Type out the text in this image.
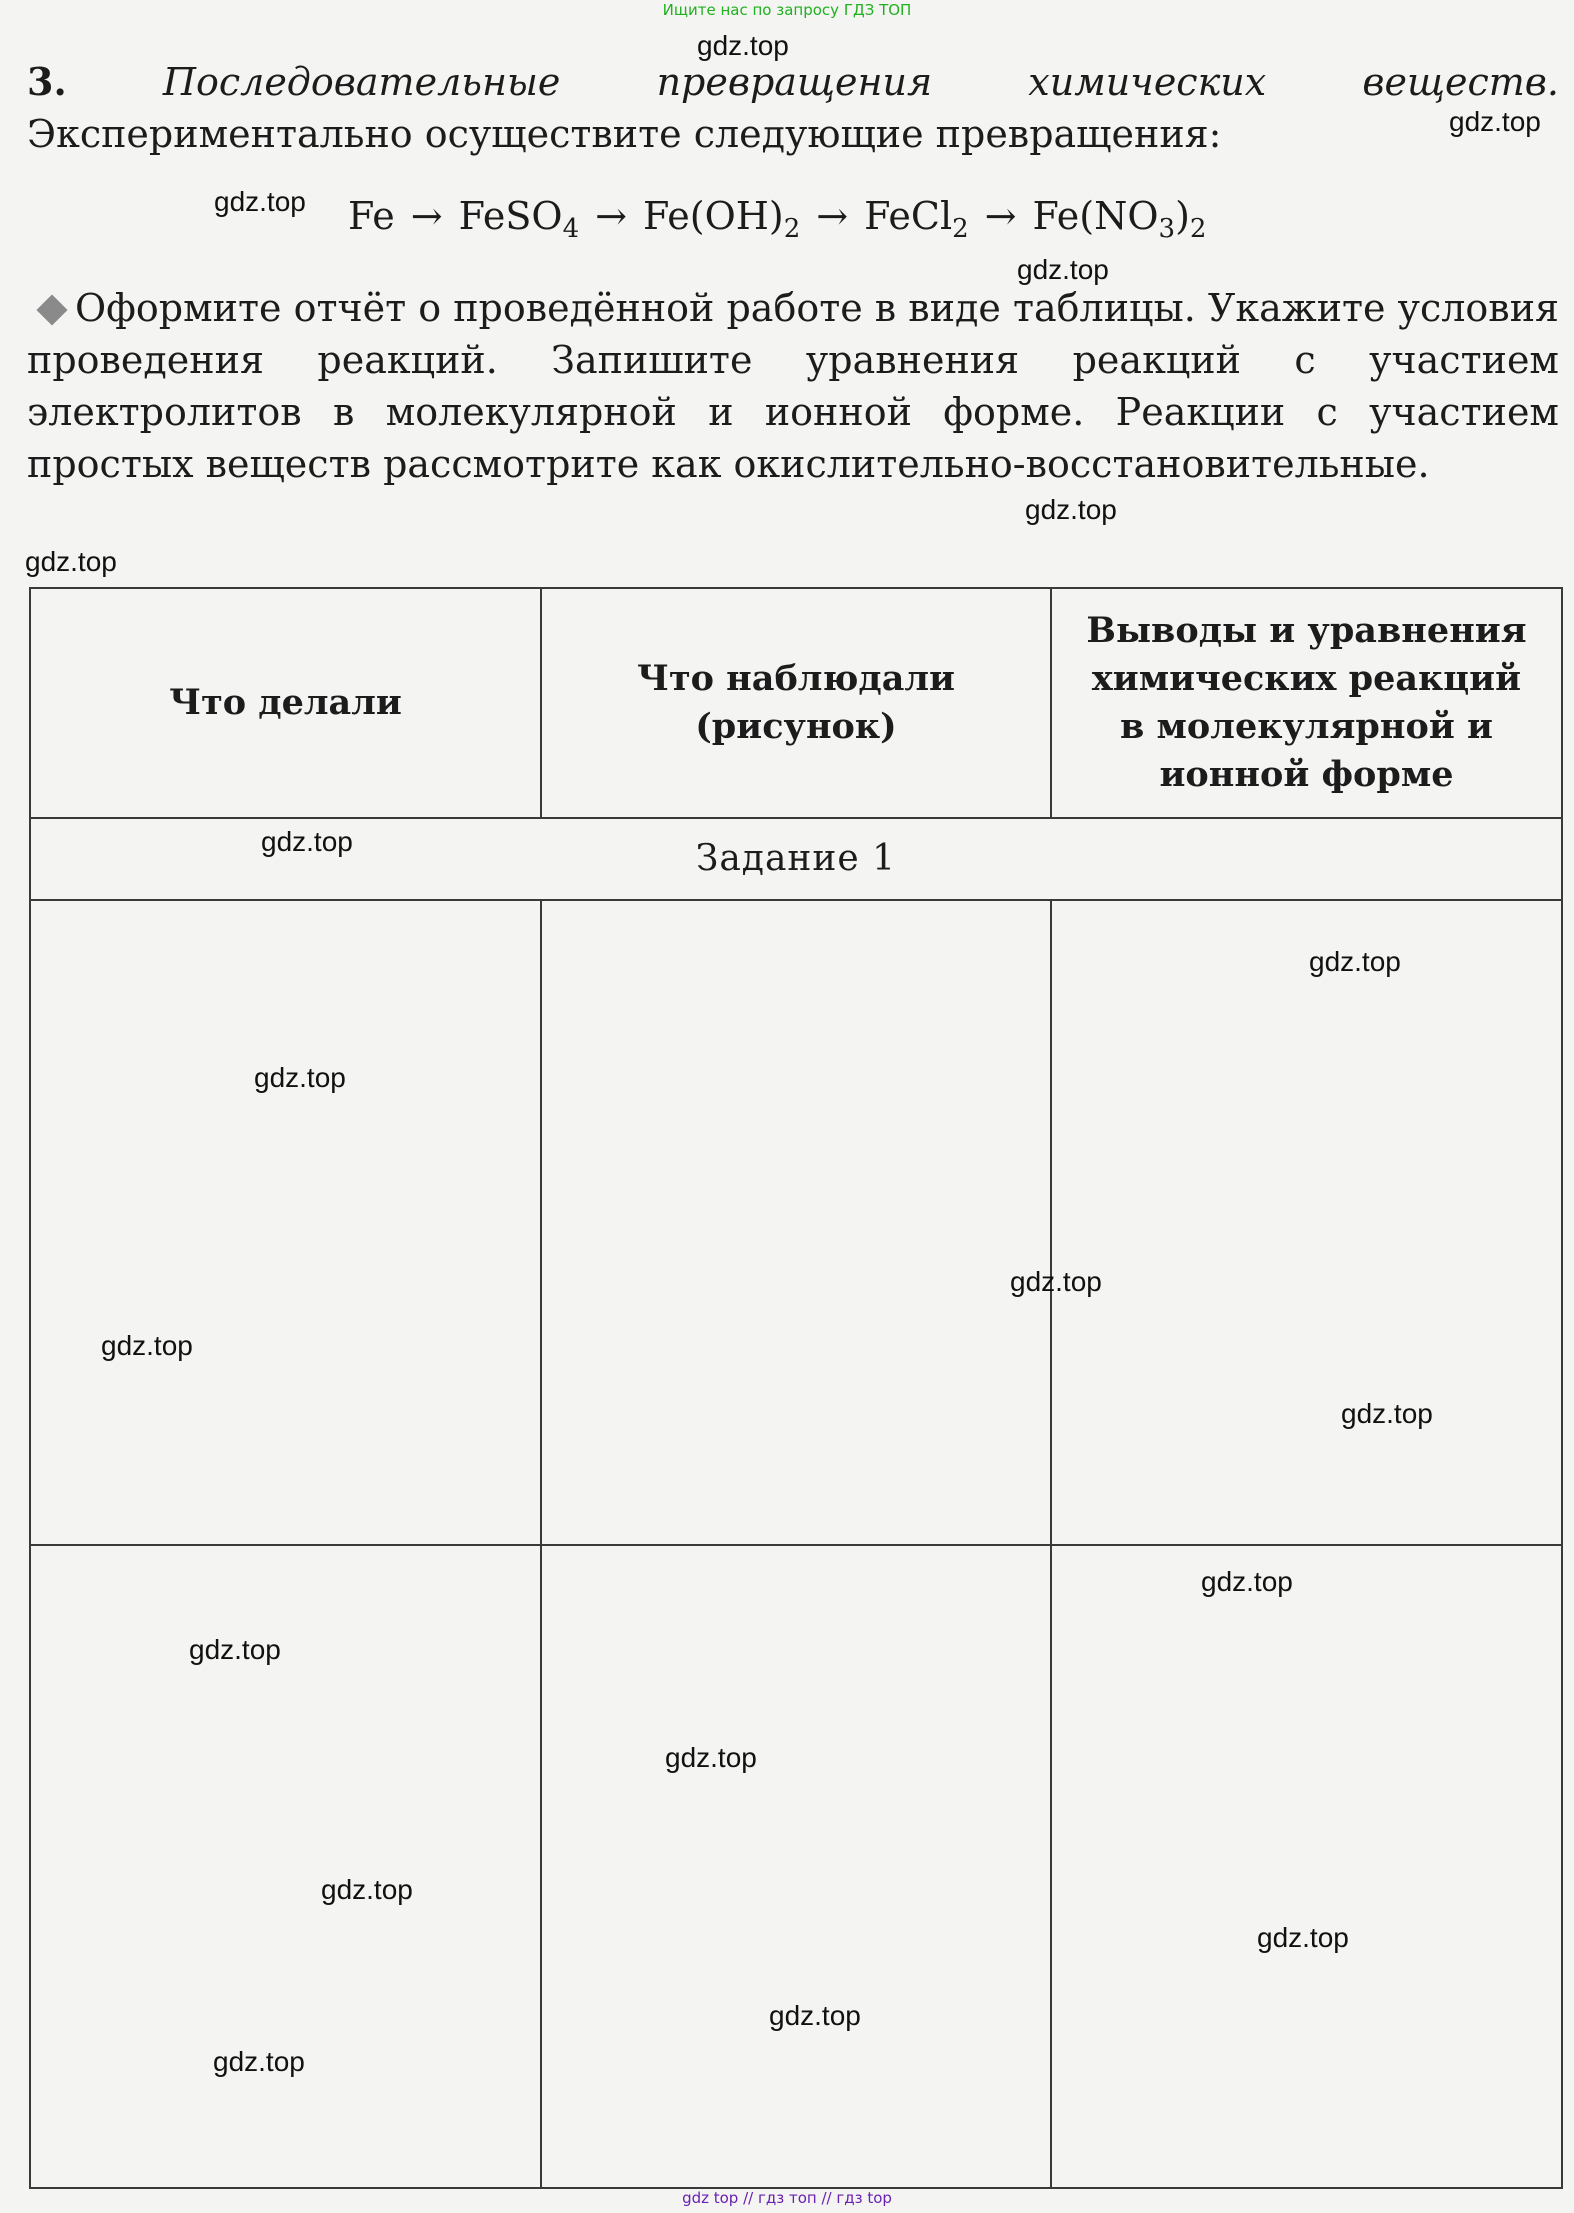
Ищите нас по запросу ГДЗ ТОП
3.	Последовательные превращения химических веществ. Экспериментально осуществите следующие превращения:
Fe → FeSO$_4$ → $Fe(OH)_2$ → FeCl$_2$ → $Fe(NO_3)_2$
Оформите отчёт о проведённой работе в виде таблицы. Укажите условия проведения реакций. Запишите уравнения реакций с участием электролитов в молекулярной и ионной форме. Реакции с участием простых веществ рассмотрите как окислительно-восстановительные.
Что делали	Что наблюдали (рисунок)	Выводы и уравнения химических реакций в молекулярной и ионной форме
Задание 1		

gdz.top
gdz.top
gdz.top
gdz.top
gdz.top
gdz.top
gdz.top
gdz.top
gdz.top
gdz.top
gdz.top
gdz.top
gdz.top
gdz.top
gdz.top
gdz.top
gdz.top
gdz.top
gdz.top
gdz top // гдз топ // гдз top
